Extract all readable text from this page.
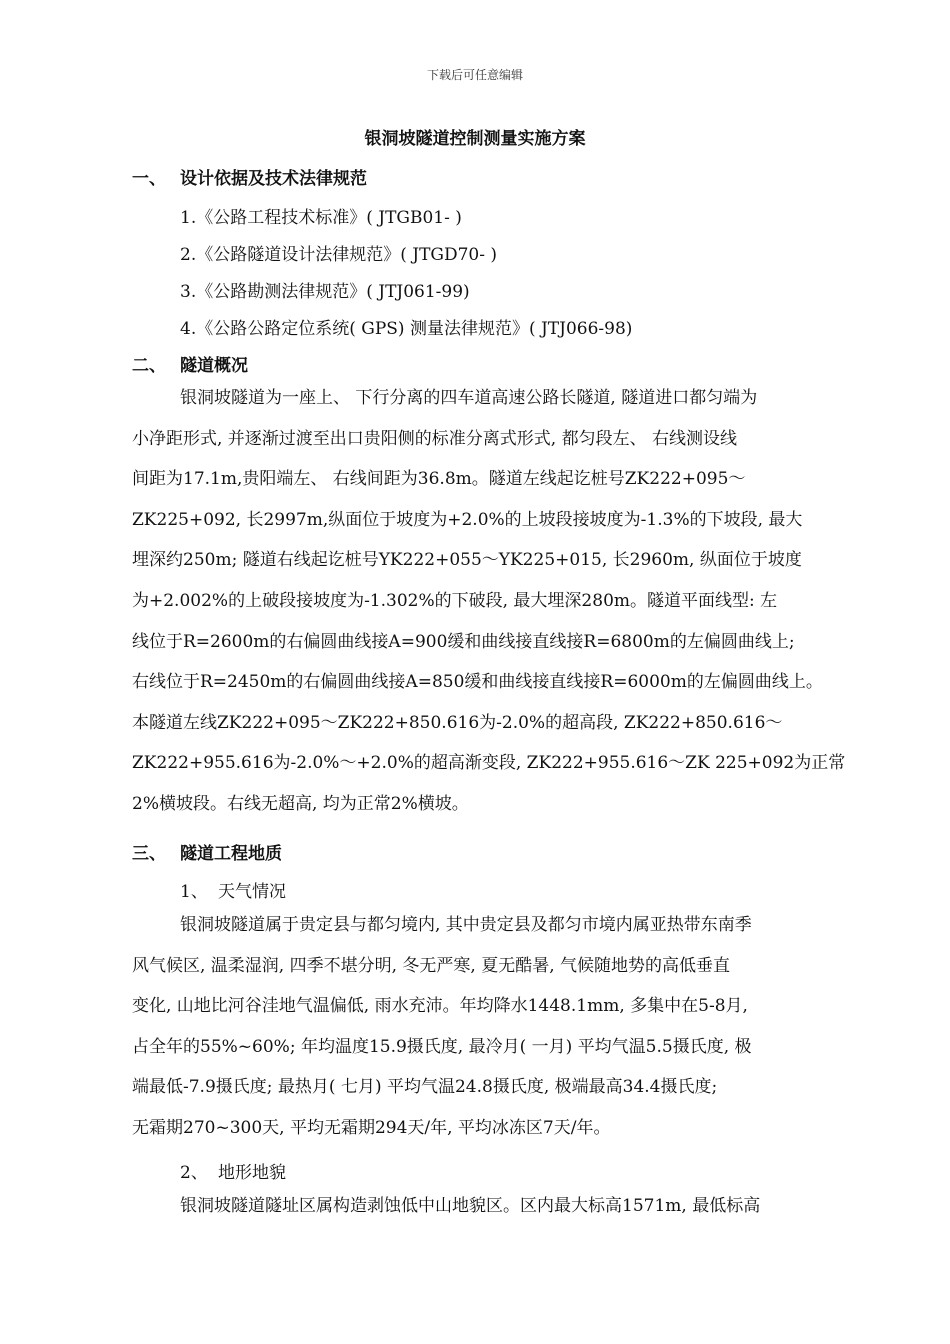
下载后可任意编辑
银洞坡隧道控制测量实施方案
一、 设计依据及技术法律规范
1.《公路工程技术标准》( JTGB01- )
2.《公路隧道设计法律规范》( JTGD70- )
3.《公路勘测法律规范》( JTJ061-99)
4.《公路公路定位系统( GPS) 测量法律规范》( JTJ066-98)
二、 隧道概况
银洞坡隧道为一座上、 下行分离的四车道高速公路长隧道, 隧道进口都匀端为
小净距形式, 并逐渐过渡至出口贵阳侧的标准分离式形式, 都匀段左、 右线测设线
间距为17.1m,贵阳端左、 右线间距为36.8m。隧道左线起讫桩号ZK222+095～
ZK225+092, 长2997m,纵面位于坡度为+2.0%的上坡段接坡度为-1.3%的下坡段, 最大
埋深约250m; 隧道右线起讫桩号YK222+055～YK225+015, 长2960m, 纵面位于坡度
为+2.002%的上破段接坡度为-1.302%的下破段, 最大埋深280m。隧道平面线型: 左
线位于R=2600m的右偏圆曲线接A=900缓和曲线接直线接R=6800m的左偏圆曲线上;
右线位于R=2450m的右偏圆曲线接A=850缓和曲线接直线接R=6000m的左偏圆曲线上。
本隧道左线ZK222+095～ZK222+850.616为-2.0%的超高段, ZK222+850.616～
ZK222+955.616为-2.0%～+2.0%的超高渐变段, ZK222+955.616～ZK 225+092为正常
2%横坡段。右线无超高, 均为正常2%横坡。
三、 隧道工程地质
1、 天气情况
银洞坡隧道属于贵定县与都匀境内, 其中贵定县及都匀市境内属亚热带东南季
风气候区, 温柔湿润, 四季不堪分明, 冬无严寒, 夏无酷暑, 气候随地势的高低垂直
变化, 山地比河谷洼地气温偏低, 雨水充沛。年均降水1448.1mm, 多集中在5-8月,
占全年的55%~60%; 年均温度15.9摄氏度, 最冷月( 一月) 平均气温5.5摄氏度, 极
端最低-7.9摄氏度; 最热月( 七月) 平均气温24.8摄氏度, 极端最高34.4摄氏度;
无霜期270~300天, 平均无霜期294天/年, 平均冰冻区7天/年。
2、 地形地貌
银洞坡隧道隧址区属构造剥蚀低中山地貌区。区内最大标高1571m, 最低标高
